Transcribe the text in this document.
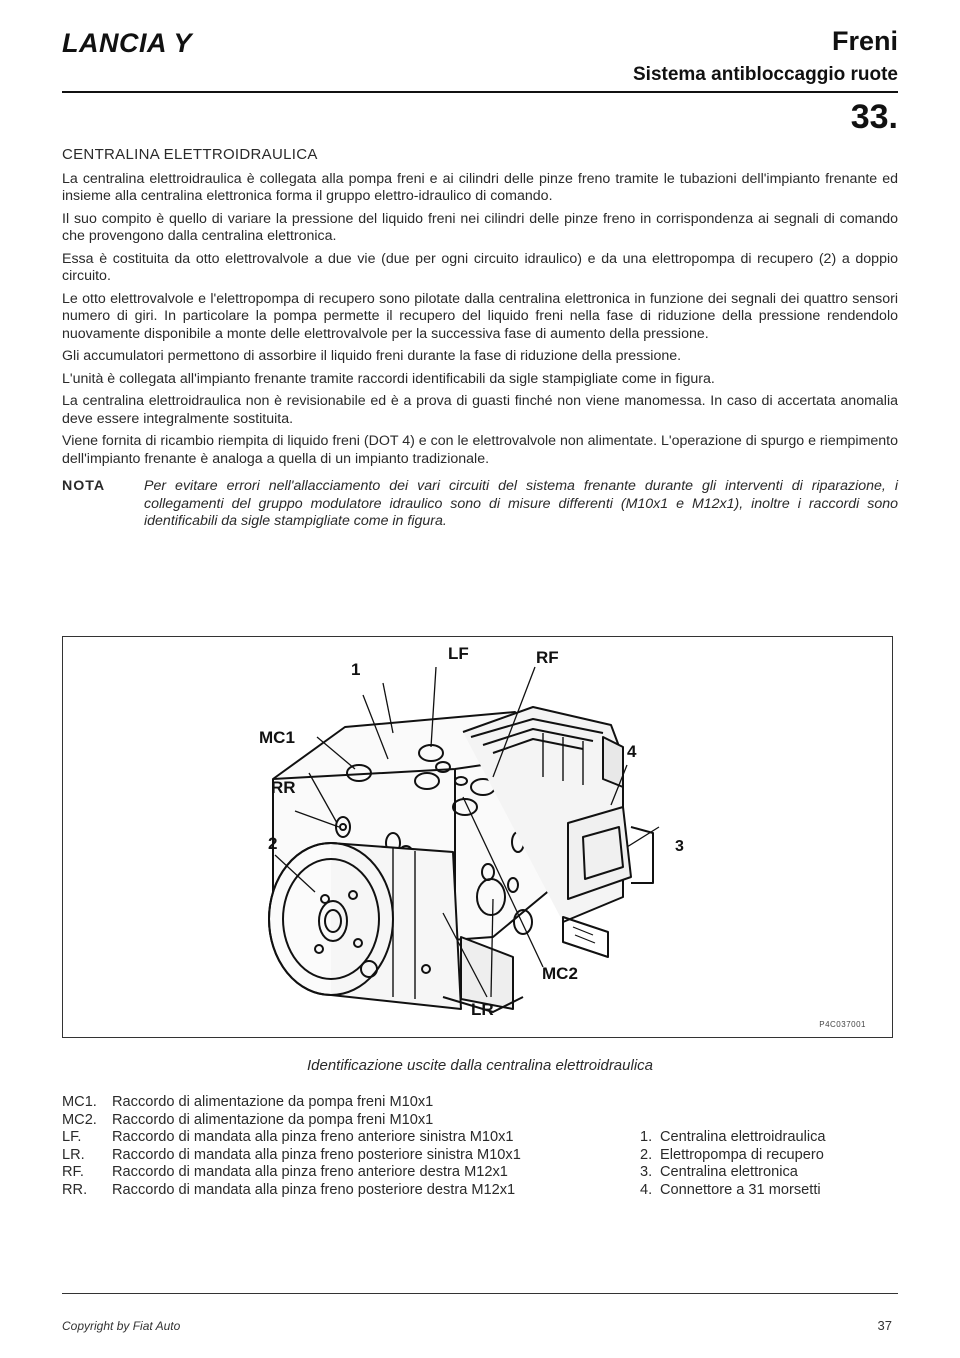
LANCIA Y	Freni
Sistema antibloccaggio ruote
33.

CENTRALINA ELETTROIDRAULICA

La centralina elettroidraulica è collegata alla pompa freni e ai cilindri delle pinze freno tramite le tubazioni dell'impianto frenante ed insieme alla centralina elettronica forma il gruppo elettro-idraulico di comando.

Il suo compito è quello di variare la pressione del liquido freni nei cilindri delle pinze freno in corrispondenza ai segnali di comando che provengono dalla centralina elettronica.

Essa è costituita da otto elettrovalvole a due vie (due per ogni circuito idraulico) e da una elettropompa di recupero (2) a doppio circuito.

Le otto elettrovalvole e l'elettropompa di recupero sono pilotate dalla centralina elettronica in funzione dei segnali dei quattro sensori numero di giri. In particolare la pompa permette il recupero del liquido freni nella fase di riduzione della pressione rendendolo nuovamente disponibile a monte delle elettrovalvole per la successiva fase di aumento della pressione.

Gli accumulatori permettono di assorbire il liquido freni durante la fase di riduzione della pressione.

L'unità è collegata all'impianto frenante tramite raccordi identificabili da sigle stampigliate come in figura.

La centralina elettroidraulica non è revisionabile ed è a prova di guasti finché non viene manomessa. In caso di accertata anomalia deve essere integralmente sostituita.

Viene fornita di ricambio riempita di liquido freni (DOT 4) e con le elettrovalvole non alimentate. L'operazione di spurgo e riempimento dell'impianto frenante è analoga a quella di un impianto tradizionale.

NOTA	Per evitare errori nell'allacciamento dei vari circuiti del sistema frenante durante gli interventi di riparazione, i collegamenti del gruppo modulatore idraulico sono di misure differenti (M10x1 e M12x1), inoltre i raccordi sono identificabili da sigle stampigliate come in figura.

LF	RF
1
MC1
4
RR
3
2
MC2
LR
P4C037001
Identificazione uscite dalla centralina elettroidraulica
MC1.	Raccordo di alimentazione da pompa freni M10x1
MC2.	Raccordo di alimentazione da pompa freni M10x1
LF.	Raccordo di mandata alla pinza freno anteriore sinistra M10x1
LR.	Raccordo di mandata alla pinza freno posteriore sinistra M10x1
RF.	Raccordo di mandata alla pinza freno anteriore destra M12x1
RR.	Raccordo di mandata alla pinza freno posteriore destra M12x1
1. Centralina elettroidraulica
2. Elettropompa di recupero
3. Centralina elettronica
4. Connettore a 31 morsetti
Copyright by Fiat Auto	37
